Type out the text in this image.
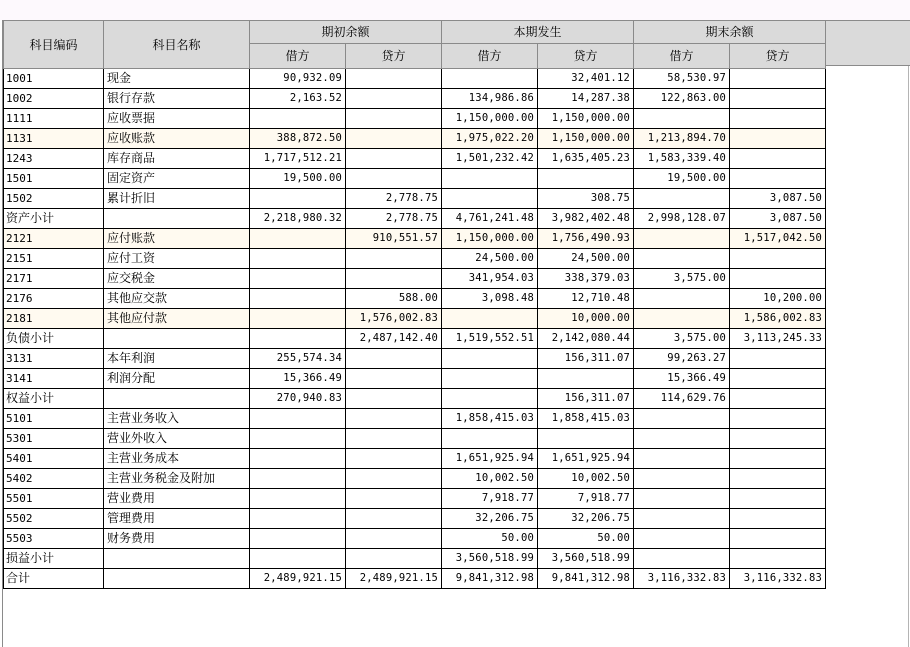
科目编码	科目名称	期初余额		本期发生		期末余额	
		借方	贷方	借方	贷方	借方	贷方
1001	现金	90,932.09			32,401.12	58,530.97	
1002	银行存款	2,163.52		134,986.86	14,287.38	122,863.00	
1111	应收票据			1,150,000.00	1,150,000.00		
1131	应收账款	388,872.50		1,975,022.20	1,150,000.00	1,213,894.70	
1243	库存商品	1,717,512.21		1,501,232.42	1,635,405.23	1,583,339.40	
1501	固定资产	19,500.00				19,500.00	
1502	累计折旧		2,778.75		308.75		3,087.50
资产小计		2,218,980.32	2,778.75	4,761,241.48	3,982,402.48	2,998,128.07	3,087.50
2121	应付账款		910,551.57	1,150,000.00	1,756,490.93		1,517,042.50
2151	应付工资			24,500.00	24,500.00		
2171	应交税金			341,954.03	338,379.03	3,575.00	
2176	其他应交款		588.00	3,098.48	12,710.48		10,200.00
2181	其他应付款		1,576,002.83		10,000.00		1,586,002.83
负债小计			2,487,142.40	1,519,552.51	2,142,080.44	3,575.00	3,113,245.33
3131	本年利润	255,574.34			156,311.07	99,263.27	
3141	利润分配	15,366.49				15,366.49	
权益小计		270,940.83			156,311.07	114,629.76	
5101	主营业务收入			1,858,415.03	1,858,415.03		
5301	营业外收入						
5401	主营业务成本			1,651,925.94	1,651,925.94		
5402	主营业务税金及附加			10,002.50	10,002.50		
5501	营业费用			7,918.77	7,918.77		
5502	管理费用			32,206.75	32,206.75		
5503	财务费用			50.00	50.00		
损益小计				3,560,518.99	3,560,518.99		
合计		2,489,921.15	2,489,921.15	9,841,312.98	9,841,312.98	3,116,332.83	3,116,332.83
